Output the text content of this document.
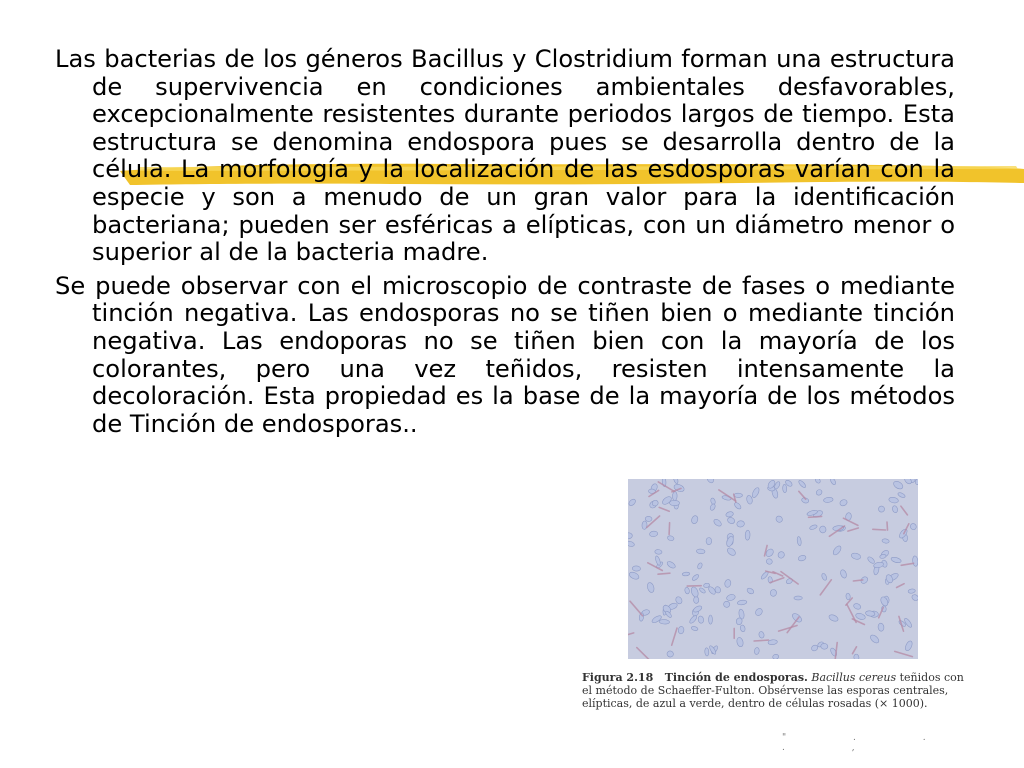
Las bacterias de los géneros Bacillus y Clostridium forman una estructura de supervivencia en condiciones ambientales desfavorables, excepcionalmente resistentes durante periodos largos de tiempo. Esta estructura se denomina endospora pues se desarrolla dentro de la célula. La morfología y la localización de las esdosporas varían con la especie y son a menudo de un gran valor para la identificación bacteriana; pueden ser esféricas a elípticas, con un diámetro menor o superior al de la bacteria madre.

Se puede observar con el microscopio de contraste de fases o mediante tinción negativa. Las endosporas no se tiñen bien o mediante tinción negativa. Las endoporas no se tiñen bien con la mayoría de los colorantes, pero una vez teñidos, resisten intensamente la decoloración. Esta propiedad es la base de la mayoría de los métodos de Tinción de endosporas..

Figura 2.18 Tinción de endosporas. Bacillus cereus teñidos con el método de Schaeffer-Fulton. Obsérvense las esporas centrales, elípticas, de azul a verde, dentro de células rosadas (× 1000).
" . . . ,
